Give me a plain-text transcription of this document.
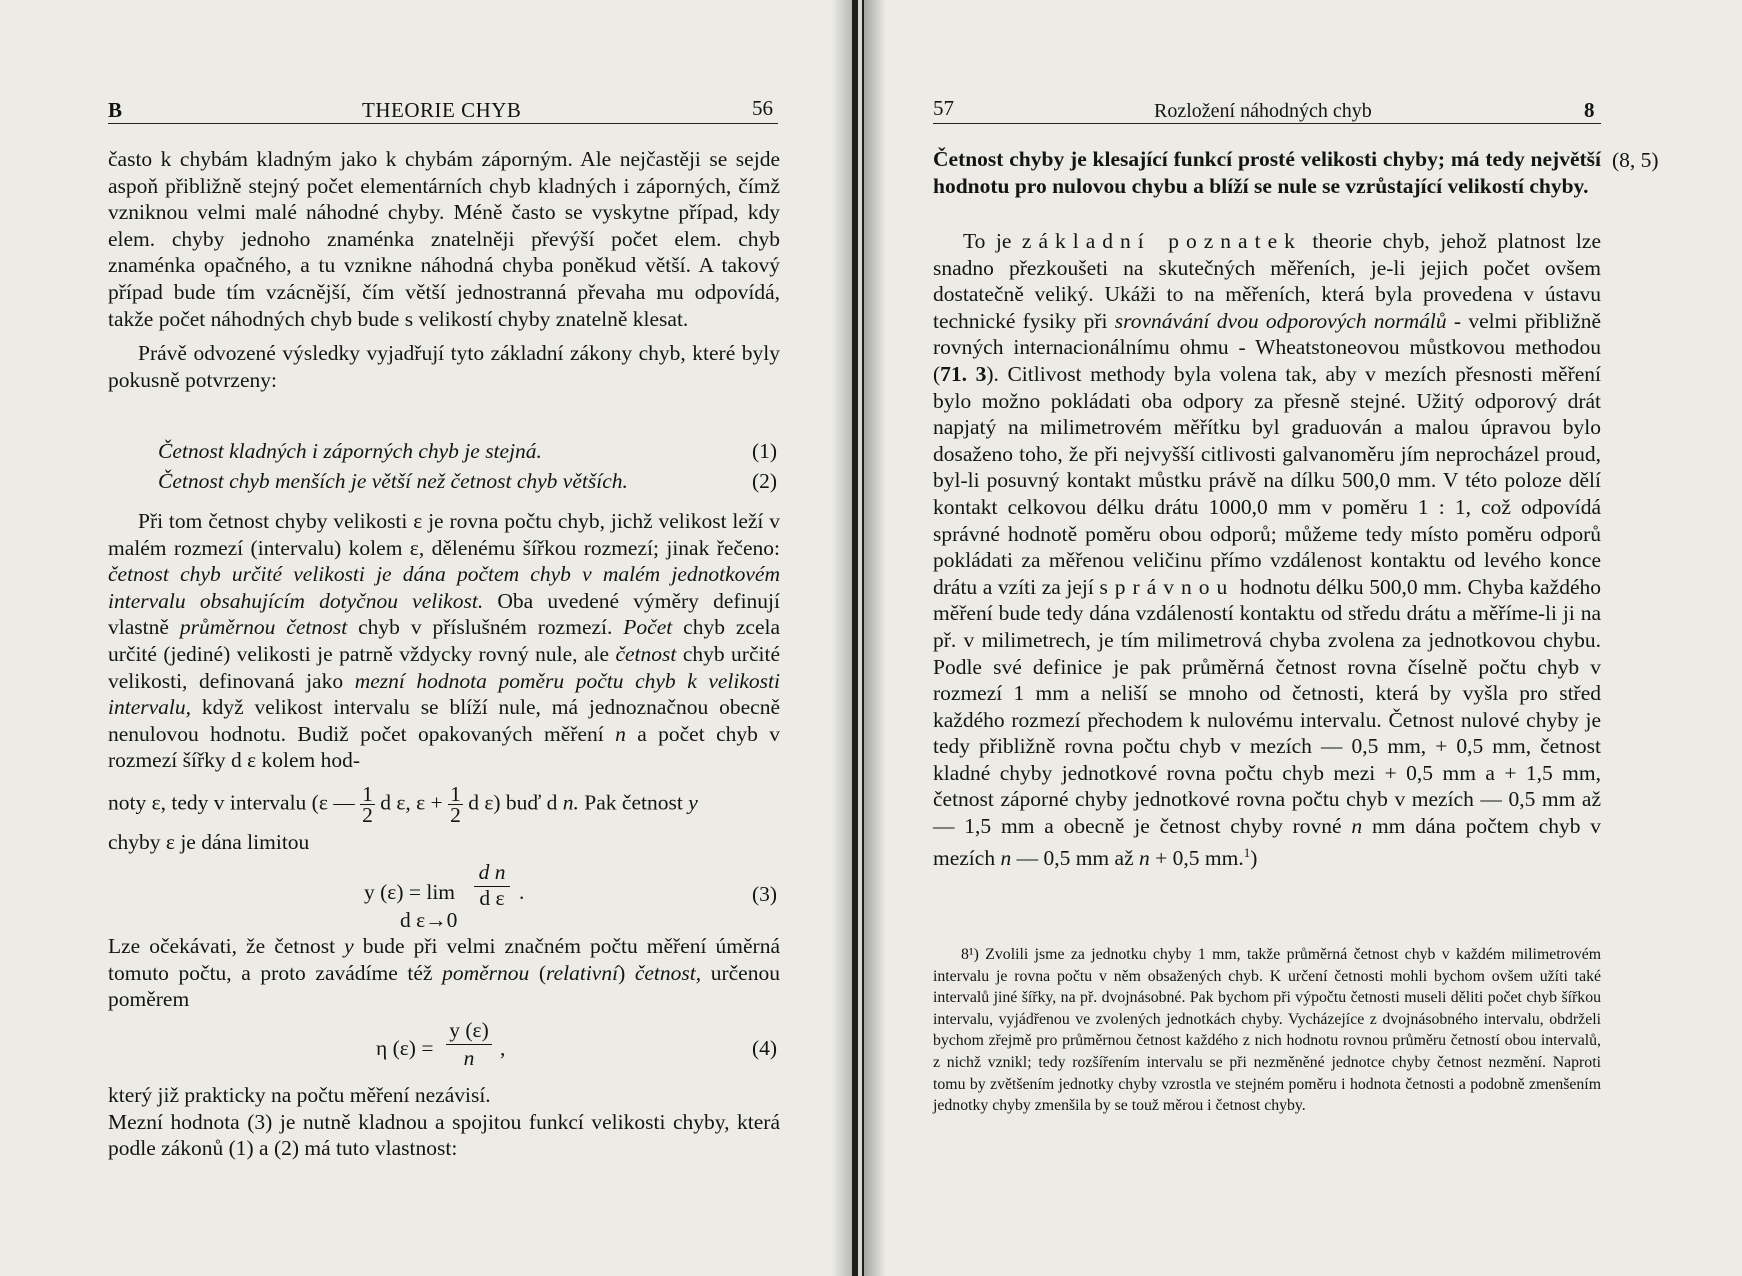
B	THEORIE CHYB	56

často k chybám kladným jako k chybám záporným. Ale nejčastěji se sejde aspoň přibližně stejný počet elementárních chyb kladných i záporných, čímž vzniknou velmi malé náhodné chyby. Méně často se vyskytne případ, kdy elem. chyby jednoho znaménka znatelněji převýší počet elem. chyb znaménka opačného, a tu vznikne náhodná chyba poněkud větší. A takový případ bude tím vzácnější, čím větší jednostranná převaha mu odpovídá, takže počet náhodných chyb bude s velikostí chyby znatelně klesat.

Právě odvozené výsledky vyjadřují tyto základní zákony chyb, které byly pokusně potvrzeny:

Četnost kladných i záporných chyb je stejná.	(1)
Četnost chyb menších je větší než četnost chyb větších.	(2)

Při tom četnost chyby velikosti ε je rovna počtu chyb, jichž velikost leží v malém rozmezí (intervalu) kolem ε, dělenému šířkou rozmezí; jinak řečeno: četnost chyb určité velikosti je dána počtem chyb v malém jednotkovém intervalu obsahujícím dotyčnou velikost. Oba uvedené výměry definují vlastně průměrnou četnost chyb v příslušném rozmezí. Počet chyb zcela určité (jediné) velikosti je patrně vždycky rovný nule, ale četnost chyb určité velikosti, definovaná jako mezní hodnota poměru počtu chyb k velikosti intervalu, když velikost intervalu se blíží nule, má jednoznačnou obecně nenulovou hodnotu. Budiž počet opakovaných měření n a počet chyb v rozmezí šířky d ε kolem hod-

noty ε, tedy v intervalu (ε — $\frac{1}{2}$ d ε, $\varepsilon + \frac{1}{2}$ d ε) buď d n. Pak četnost y
chyby ε je dána limitou
y (ε) = lim
d n
d ε .
d ε→0
(3)

Lze očekávati, že četnost y bude při velmi značném počtu měření úměrná tomuto počtu, a proto zavádíme též poměrnou (relativní) četnost, určenou poměrem

η (ε) =
y (ε)
n	,	(4)

který již prakticky na počtu měření nezávisí.

Mezní hodnota (3) je nutně kladnou a spojitou funkcí velikosti chyby, která podle zákonů (1) a (2) má tuto vlastnost:

57	Rozložení náhodných chyb	8
Četnost chyby je klesající funkcí prosté velikosti chyby; má tedy největší hodnotu pro nulovou chybu a blíží se nule se vzrůstající velikostí chyby.
(8, 5)

To je základní poznatek theorie chyb, jehož platnost lze snadno přezkoušeti na skutečných měřeních, je-li jejich počet ovšem dostatečně veliký. Ukáži to na měřeních, která byla provedena v ústavu technické fysiky při srovnávání dvou odporových normálů - velmi přibližně rovných internacionálnímu ohmu - Wheatstoneovou můstkovou methodou (71. 3). Citlivost methody byla volena tak, aby v mezích přesnosti měření bylo možno pokládati oba odpory za přesně stejné. Užitý odporový drát napjatý na milimetrovém měřítku byl graduován a malou úpravou bylo dosaženo toho, že při nejvyšší citlivosti galvanoměru jím neprocházel proud, byl-li posuvný kontakt můstku právě na dílku 500,0 mm. V této poloze dělí kontakt celkovou délku drátu 1000,0 mm v poměru 1 : 1, což odpovídá správné hodnotě poměru obou odporů; můžeme tedy místo poměru odporů pokládati za měřenou veličinu přímo vzdálenost kontaktu od levého konce drátu a vzíti za její správnou hodnotu délku 500,0 mm. Chyba každého měření bude tedy dána vzdáleností kontaktu od středu drátu a měříme-li ji na př. v milimetrech, je tím milimetrová chyba zvolena za jednotkovou chybu. Podle své definice je pak průměrná četnost rovna číselně počtu chyb v rozmezí 1 mm a neliší se mnoho od četnosti, která by vyšla pro střed každého rozmezí přechodem k nulovému intervalu. Četnost nulové chyby je tedy přibližně rovna počtu chyb v mezích — 0,5 mm, + 0,5 mm, četnost kladné chyby jednotkové rovna počtu chyb mezi + 0,5 mm a + 1,5 mm, četnost záporné chyby jednotkové rovna počtu chyb v mezích — 0,5 mm až — 1,5 mm a obecně je četnost chyby rovné n mm dána počtem chyb v mezích n — 0,5 mm až n + 0,5 mm.$^1$)

8¹) Zvolili jsme za jednotku chyby 1 mm, takže průměrná četnost chyb v každém milimetrovém intervalu je rovna počtu v něm obsažených chyb. K určení četnosti mohli bychom ovšem užíti také intervalů jiné šířky, na př. dvojnásobné. Pak bychom při výpočtu četnosti museli děliti počet chyb šířkou intervalu, vyjádřenou ve zvolených jednotkách chyby. Vycházejíce z dvojnásobného intervalu, obdrželi bychom zřejmě pro průměrnou četnost každého z nich hodnotu rovnou průměru četností obou intervalů, z nichž vznikl; tedy rozšířením intervalu se při nezměněné jednotce chyby četnost nezmění. Naproti tomu by zvětšením jednotky chyby vzrostla ve stejném poměru i hodnota četnosti a podobně zmenšením jednotky chyby zmenšila by se touž měrou i četnost chyby.
